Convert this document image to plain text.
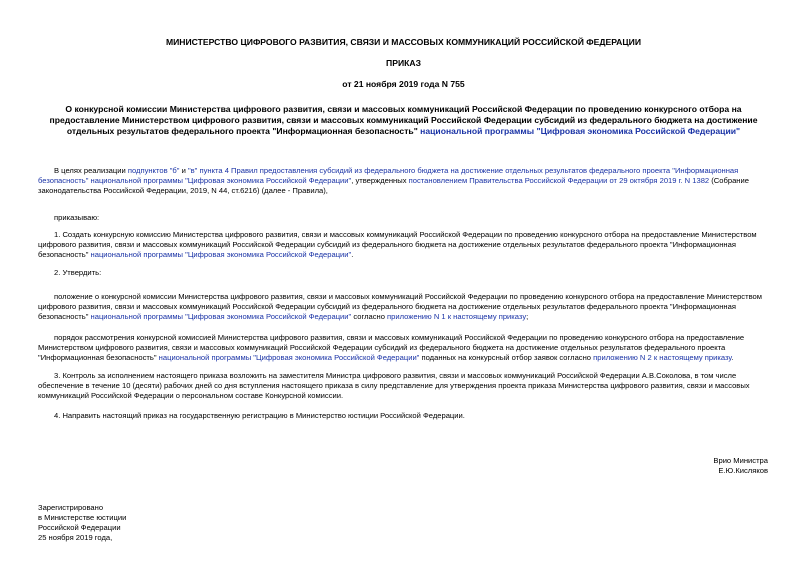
МИНИСТЕРСТВО ЦИФРОВОГО РАЗВИТИЯ, СВЯЗИ И МАССОВЫХ КОММУНИКАЦИЙ РОССИЙСКОЙ ФЕДЕРАЦИИ
ПРИКАЗ
от 21 ноября 2019 года N 755
О конкурсной комиссии Министерства цифрового развития, связи и массовых коммуникаций Российской Федерации по проведению конкурсного отбора на предоставление Министерством цифрового развития, связи и массовых коммуникаций Российской Федерации субсидий из федерального бюджета на достижение отдельных результатов федерального проекта "Информационная безопасность" национальной программы "Цифровая экономика Российской Федерации"
В целях реализации подпунктов "б" и "в" пункта 4 Правил предоставления субсидий из федерального бюджета на достижение отдельных результатов федерального проекта "Информационная безопасность" национальной программы "Цифровая экономика Российской Федерации", утвержденных постановлением Правительства Российской Федерации от 29 октября 2019 г. N 1382 (Собрание законодательства Российской Федерации, 2019, N 44, ст.6216) (далее - Правила),
приказываю:
1. Создать конкурсную комиссию Министерства цифрового развития, связи и массовых коммуникаций Российской Федерации по проведению конкурсного отбора на предоставление Министерством цифрового развития, связи и массовых коммуникаций Российской Федерации субсидий из федерального бюджета на достижение отдельных результатов федерального проекта "Информационная безопасность" национальной программы "Цифровая экономика Российской Федерации".
2. Утвердить:
положение о конкурсной комиссии Министерства цифрового развития, связи и массовых коммуникаций Российской Федерации по проведению конкурсного отбора на предоставление Министерством цифрового развития, связи и массовых коммуникаций Российской Федерации субсидий из федерального бюджета на достижение отдельных результатов федерального проекта "Информационная безопасность" национальной программы "Цифровая экономика Российской Федерации" согласно приложению N 1 к настоящему приказу;
порядок рассмотрения конкурсной комиссией Министерства цифрового развития, связи и массовых коммуникаций Российской Федерации по проведению конкурсного отбора на предоставление Министерством цифрового развития, связи и массовых коммуникаций Российской Федерации субсидий из федерального бюджета на достижение отдельных результатов федерального проекта "Информационная безопасность" национальной программы "Цифровая экономика Российской Федерации" поданных на конкурсный отбор заявок согласно приложению N 2 к настоящему приказу.
3. Контроль за исполнением настоящего приказа возложить на заместителя Министра цифрового развития, связи и массовых коммуникаций Российской Федерации А.В.Соколова, в том числе обеспечение в течение 10 (десяти) рабочих дней со дня вступления настоящего приказа в силу представление для утверждения проекта приказа Министерства цифрового развития, связи и массовых коммуникаций Российской Федерации о персональном составе Конкурсной комиссии.
4. Направить настоящий приказ на государственную регистрацию в Министерство юстиции Российской Федерации.
Врио Министра
Е.Ю.Кисляков
Зарегистрировано
в Министерстве юстиции
Российской Федерации
25 ноября 2019 года,
